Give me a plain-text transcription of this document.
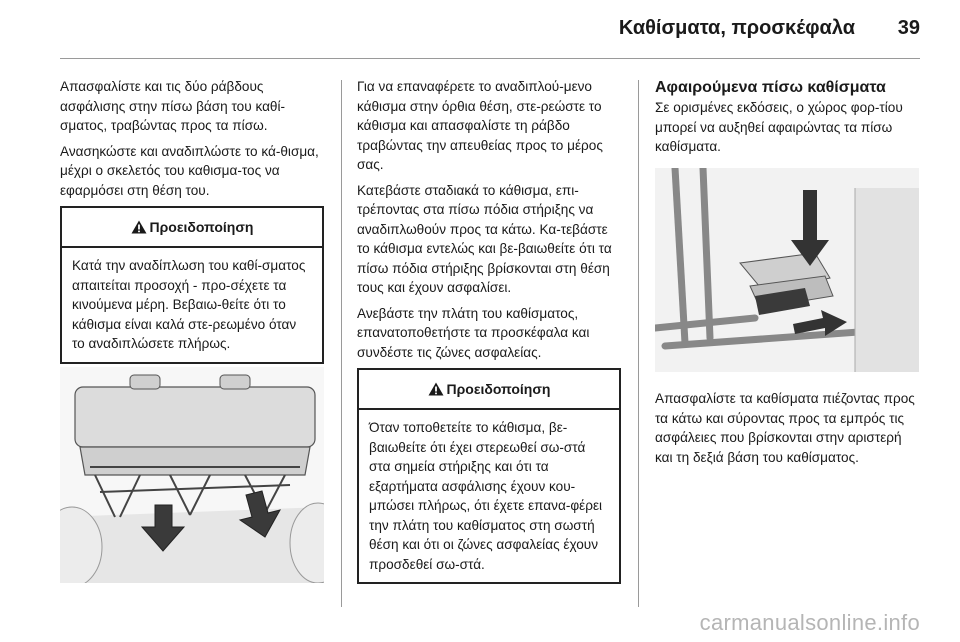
Καθίσματα, προσκέφαλα 39

Απασφαλίστε και τις δύο ράβδους ασφάλισης στην πίσω βάση του καθί-σματος, τραβώντας προς τα πίσω.

Ανασηκώστε και αναδιπλώστε το κά-θισμα, μέχρι ο σκελετός του καθισμα-τος να εφαρμόσει στη θέση του.

Προειδοποίηση

Κατά την αναδίπλωση του καθί-σματος απαιτείται προσοχή - προ-σέχετε τα κινούμενα μέρη. Βεβαιω-θείτε ότι το κάθισμα είναι καλά στε-ρεωμένο όταν το αναδιπλώσετε πλήρως.

Για να επαναφέρετε το αναδιπλού-μενο κάθισμα στην όρθια θέση, στε-ρεώστε το κάθισμα και απασφαλίστε τη ράβδο τραβώντας την απευθείας προς το μέρος σας.

Κατεβάστε σταδιακά το κάθισμα, επι-τρέποντας στα πίσω πόδια στήριξης να αναδιπλωθούν προς τα κάτω. Κα-τεβάστε το κάθισμα εντελώς και βε-βαιωθείτε ότι τα πίσω πόδια στήριξης βρίσκονται στη θέση τους και έχουν ασφαλίσει.

Ανεβάστε την πλάτη του καθίσματος, επανατοποθετήστε τα προσκέφαλα και συνδέστε τις ζώνες ασφαλείας.

Προειδοποίηση

Όταν τοποθετείτε το κάθισμα, βε-βαιωθείτε ότι έχει στερεωθεί σω-στά στα σημεία στήριξης και ότι τα εξαρτήματα ασφάλισης έχουν κου-μπώσει πλήρως, ότι έχετε επανα-φέρει την πλάτη του καθίσματος στη σωστή θέση και ότι οι ζώνες ασφαλείας έχουν προσδεθεί σω-στά.

Αφαιρούμενα πίσω καθίσματα

Σε ορισμένες εκδόσεις, ο χώρος φορ-τίου μπορεί να αυξηθεί αφαιρώντας τα πίσω καθίσματα.

Απασφαλίστε τα καθίσματα πιέζοντας προς τα κάτω και σύροντας προς τα εμπρός τις ασφάλειες που βρίσκονται στην αριστερή και τη δεξιά βάση του καθίσματος.

carmanualsonline.info
